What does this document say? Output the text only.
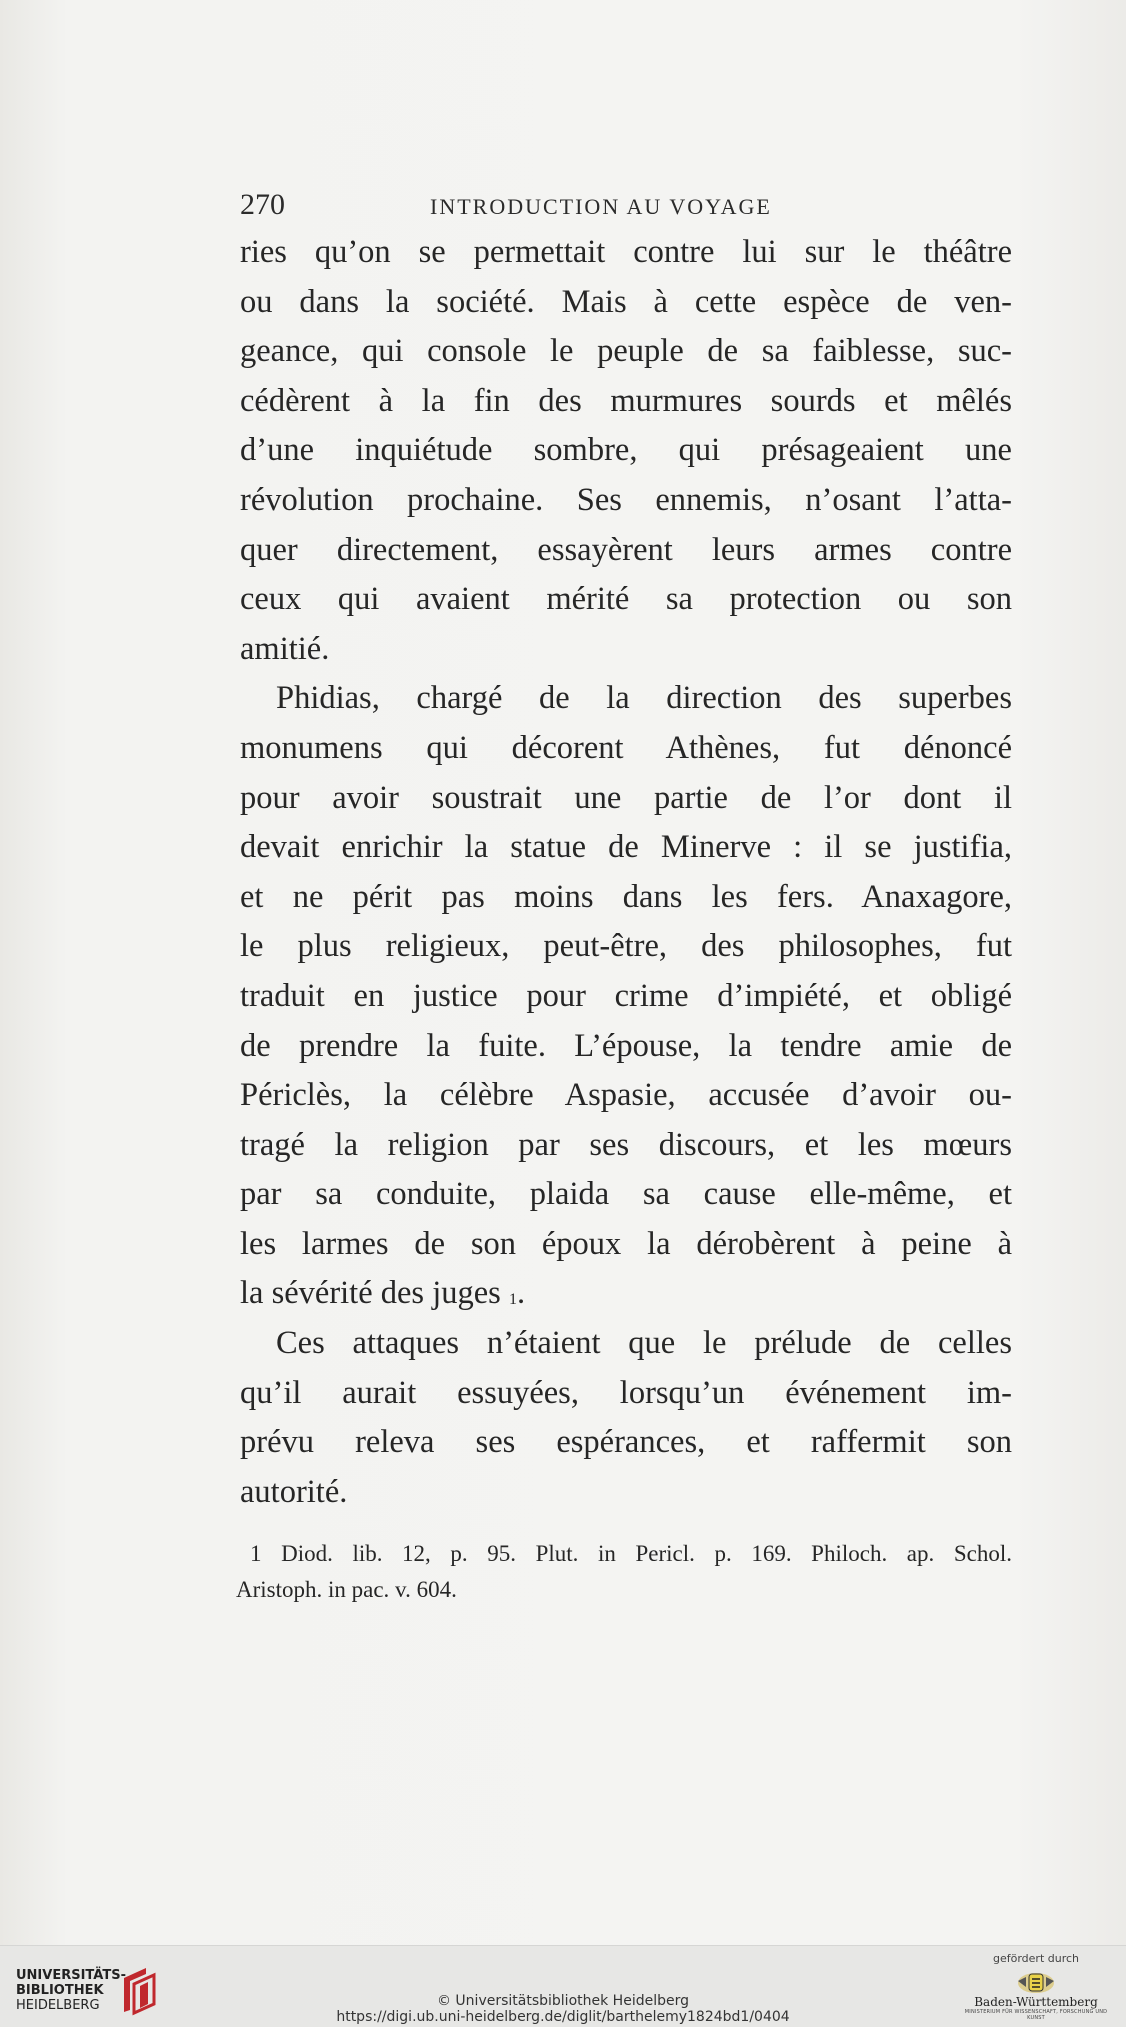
270	INTRODUCTION AU VOYAGE
ries qu’on se permettait contre lui sur le théâtre
ou dans la société. Mais à cette espèce de ven-
geance, qui console le peuple de sa faiblesse, suc-
cédèrent à la fin des murmures sourds et mêlés
d’une inquiétude sombre, qui présageaient une
révolution prochaine. Ses ennemis, n’osant l’atta-
quer directement, essayèrent leurs armes contre
ceux qui avaient mérité sa protection ou son
amitié.
Phidias, chargé de la direction des superbes
monumens qui décorent Athènes, fut dénoncé
pour avoir soustrait une partie de l’or dont il
devait enrichir la statue de Minerve : il se justifia,
et ne périt pas moins dans les fers. Anaxagore,
le plus religieux, peut-être, des philosophes, fut
traduit en justice pour crime d’impiété, et obligé
de prendre la fuite. L’épouse, la tendre amie de
Périclès, la célèbre Aspasie, accusée d’avoir ou-
tragé la religion par ses discours, et les mœurs
par sa conduite, plaida sa cause elle-même, et
les larmes de son époux la dérobèrent à peine à
la sévérité des juges $^1$.
Ces attaques n’étaient que le prélude de celles
qu’il aurait essuyées, lorsqu’un événement im-
prévu releva ses espérances, et raffermit son
autorité.
1 Diod. lib. 12, p. 95. Plut. in Pericl. p. 169. Philoch. ap. Schol.
Aristoph. in pac. v. 604.
UNIVERSITÄTS-
BIBLIOTHEK
HEIDELBERG	© Universitätsbibliothek Heidelberg
https://digi.ub.uni-heidelberg.de/diglit/barthelemy1824bd1/0404
gefördert durch
Baden-Württemberg
MINISTERIUM FÜR WISSENSCHAFT, FORSCHUNG UND KUNST
